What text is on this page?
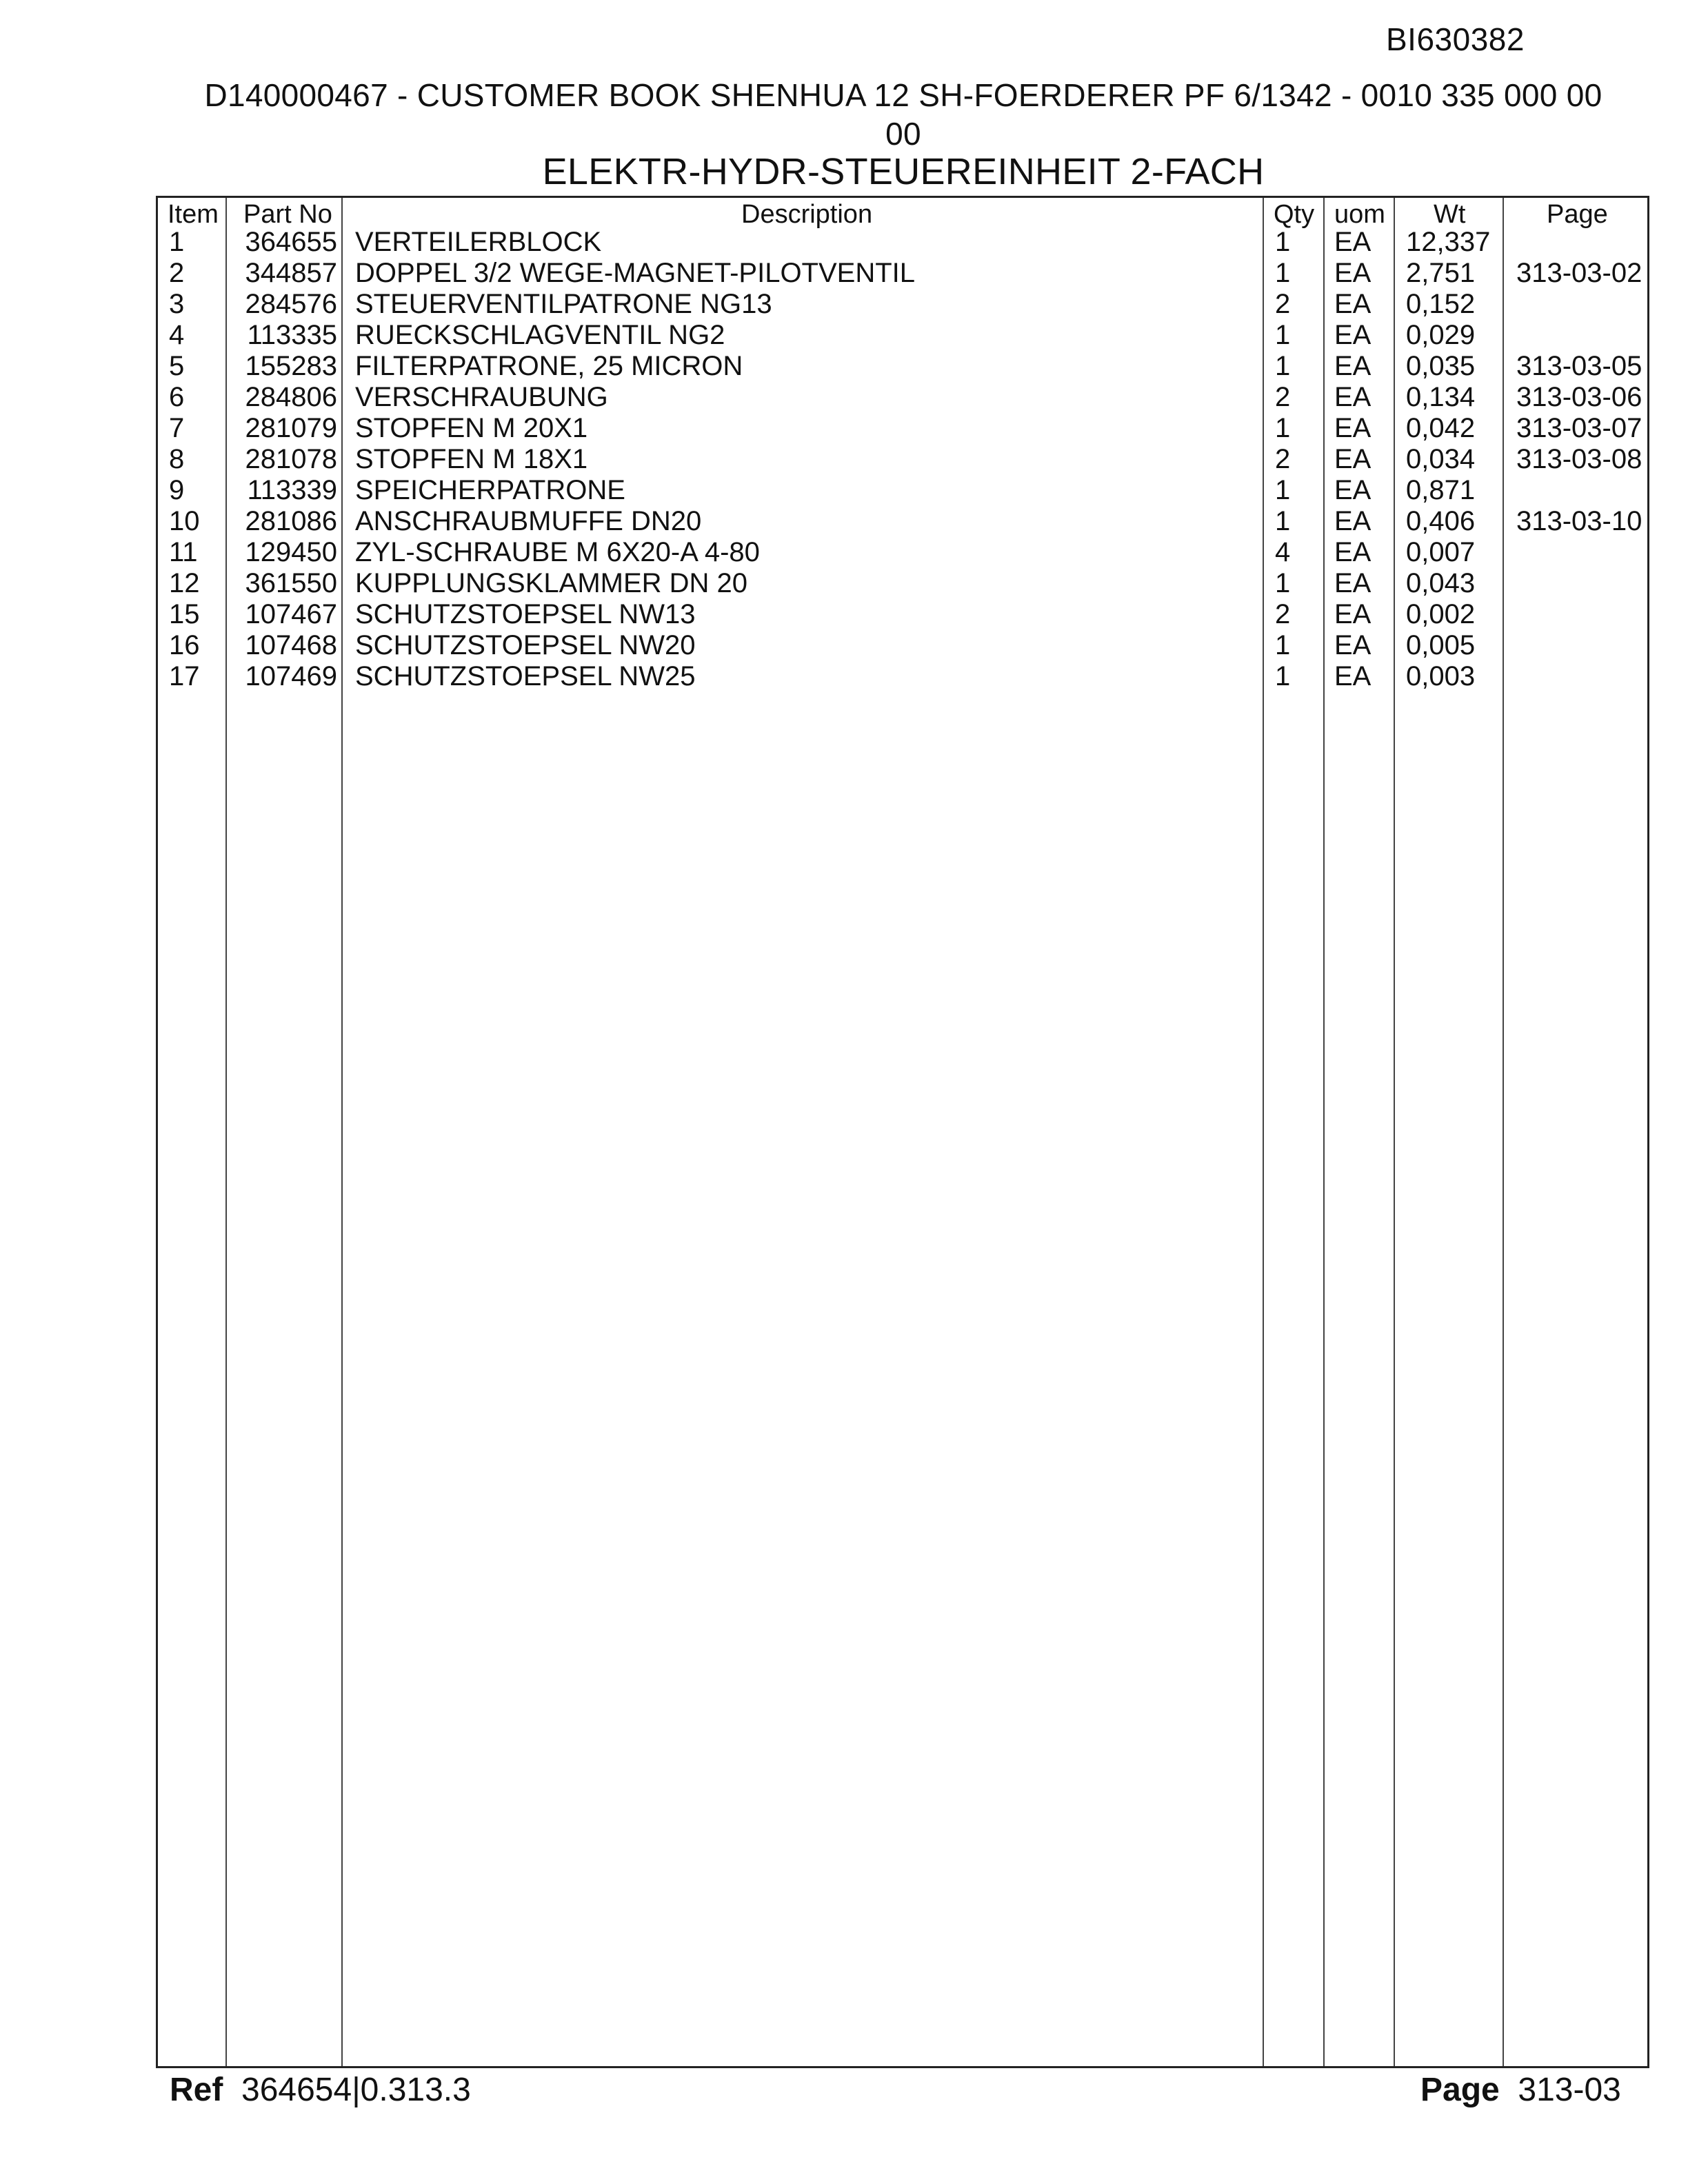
BI630382
D140000467 - CUSTOMER BOOK SHENHUA 12 SH-FOERDERER PF 6/1342 - 0010 335 000 00
00
ELEKTR-HYDR-STEUEREINHEIT 2-FACH
Item Part No	Description	Qty uom Wt	Page
1	364655 VERTEILERBLOCK	1 EA 12,337
2	344857 DOPPEL 3/2 WEGE-MAGNET-PILOTVENTIL	1 EA 2,751 313-03-02
3	284576 STEUERVENTILPATRONE NG13	2 EA 0,152
4	113335 RUECKSCHLAGVENTIL NG2	1 EA 0,029
5	155283 FILTERPATRONE, 25 MICRON	1 EA 0,035 313-03-05
6	284806 VERSCHRAUBUNG	2 EA 0,134 313-03-06
7	281079 STOPFEN M 20X1	1 EA 0,042 313-03-07
8	281078 STOPFEN M 18X1	2 EA 0,034 313-03-08
9	113339 SPEICHERPATRONE	1 EA 0,871
10	281086 ANSCHRAUBMUFFE DN20	1 EA 0,406 313-03-10
11	129450 ZYL-SCHRAUBE M 6X20-A 4-80	4 EA 0,007
12	361550 KUPPLUNGSKLAMMER DN 20	1 EA 0,043
15	107467 SCHUTZSTOEPSEL NW13	2 EA 0,002
16	107468 SCHUTZSTOEPSEL NW20	1 EA 0,005
17	107469 SCHUTZSTOEPSEL NW25	1 EA 0,003
Ref 364654|0.313.3	Page 313-03
